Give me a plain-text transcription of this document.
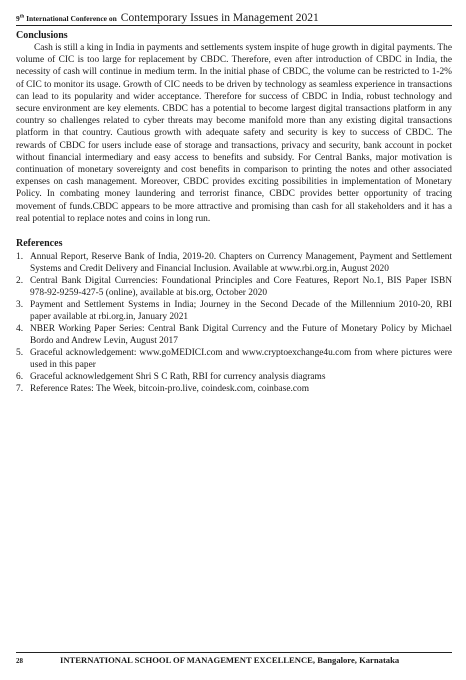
9th International Conference on Contemporary Issues in Management 2021
Conclusions

Cash is still a king in India in payments and settlements system inspite of huge growth in digital payments. The volume of CIC is too large for replacement by CBDC. Therefore, even after introduction of CBDC in India, the necessity of cash will continue in medium term. In the initial phase of CBDC, the volume can be restricted to 1-2% of CIC to monitor its usage. Growth of CIC needs to be driven by technology as seamless experience in transactions can lead to its popularity and wider acceptance. Therefore for success of CBDC in India, robust technology and secure environment are key elements. CBDC has a potential to become largest digital transactions platform in any country so challenges related to cyber threats may become manifold more than any existing digital transactions platform in that country. Cautious growth with adequate safety and security is key to success of CBDC. The rewards of CBDC for users include ease of storage and transactions, privacy and security, bank account in pocket without financial intermediary and easy access to benefits and subsidy. For Central Banks, major motivation is continuation of monetary sovereignty and cost benefits in comparison to printing the notes and other associated expenses on cash management. Moreover, CBDC provides exciting possibilities in implementation of Monetary Policy. In combating money laundering and terrorist finance, CBDC provides better opportunity of tracing movement of funds.CBDC appears to be more attractive and promising than cash for all stakeholders and it has a real potential to replace notes and coins in long run.

References
1. Annual Report, Reserve Bank of India, 2019-20. Chapters on Currency Management, Payment and Settlement Systems and Credit Delivery and Financial Inclusion. Available at www.rbi.org.in, August 2020
2. Central Bank Digital Currencies: Foundational Principles and Core Features, Report No.1, BIS Paper ISBN 978-92-9259-427-5 (online), available at bis.org, October 2020
3. Payment and Settlement Systems in India; Journey in the Second Decade of the Millennium 2010-20, RBI paper available at rbi.org.in, January 2021
4. NBER Working Paper Series: Central Bank Digital Currency and the Future of Monetary Policy by Michael Bordo and Andrew Levin, August 2017
5. Graceful acknowledgement: www.goMEDICI.com and www.cryptoexchange4u.com from where pictures were used in this paper
6. Graceful acknowledgement Shri S C Rath, RBI for currency analysis diagrams
7. Reference Rates: The Week, bitcoin-pro.live, coindesk.com, coinbase.com
28	INTERNATIONAL SCHOOL OF MANAGEMENT EXCELLENCE, Bangalore, Karnataka
